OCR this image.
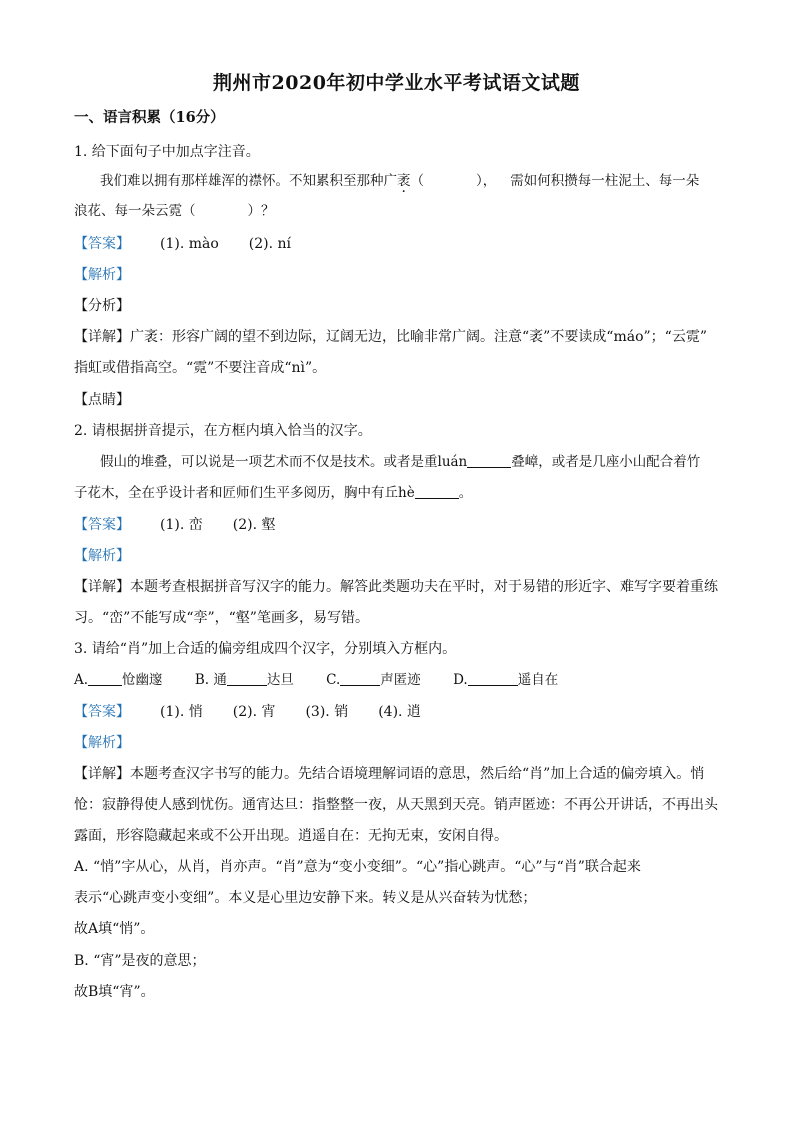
荆州市2020年初中学业水平考试语文试题
一、语言积累（16分）
1. 给下面句子中加点字注音。
我们难以拥有那样雄浑的襟怀。不知累积至那种广袤（	）， 需如何积攒每一柱泥土、每一朵
浪花、每一朵云霓（	）？
【答案】 (1). mào (2). ní
【解析】
【分析】
【详解】广袤：形容广阔的望不到边际，辽阔无边，比喻非常广阔。注意“袤”不要读成“máo”；“云霓”
指虹或借指高空。“霓”不要注音成“nì”。
【点睛】
2. 请根据拼音提示，在方框内填入恰当的汉字。
假山的堆叠，可以说是一项艺术而不仅是技术。或者是重luán	叠嶂，或者是几座小山配合着竹
子花木，全在乎设计者和匠师们生平多阅历，胸中有丘hè	。
【答案】 (1). 峦 (2). 壑
【解析】
【详解】本题考查根据拼音写汉字的能力。解答此类题功夫在平时，对于易错的形近字、难写字要着重练
习。“峦”不能写成“孪”，“壑”笔画多，易写错。
3. 请给“肖”加上合适的偏旁组成四个汉字，分别填入方框内。
A.	怆幽邃 B. 通	达旦 C.	声匿迹 D.	遥自在
【答案】 (1). 悄 (2). 宵 (3). 销 (4). 逍
【解析】
【详解】本题考查汉字书写的能力。先结合语境理解词语的意思，然后给“肖”加上合适的偏旁填入。悄
怆：寂静得使人感到忧伤。通宵达旦：指整整一夜，从天黑到天亮。销声匿迹：不再公开讲话，不再出头
露面，形容隐藏起来或不公开出现。逍遥自在：无拘无束，安闲自得。
A. “悄”字从心，从肖，肖亦声。“肖”意为“变小变细”。“心”指心跳声。“心”与“肖”联合起来
表示“心跳声变小变细”。本义是心里边安静下来。转义是从兴奋转为忧愁；
故A填“悄”。
B. “宵”是夜的意思；
故B填“宵”。
